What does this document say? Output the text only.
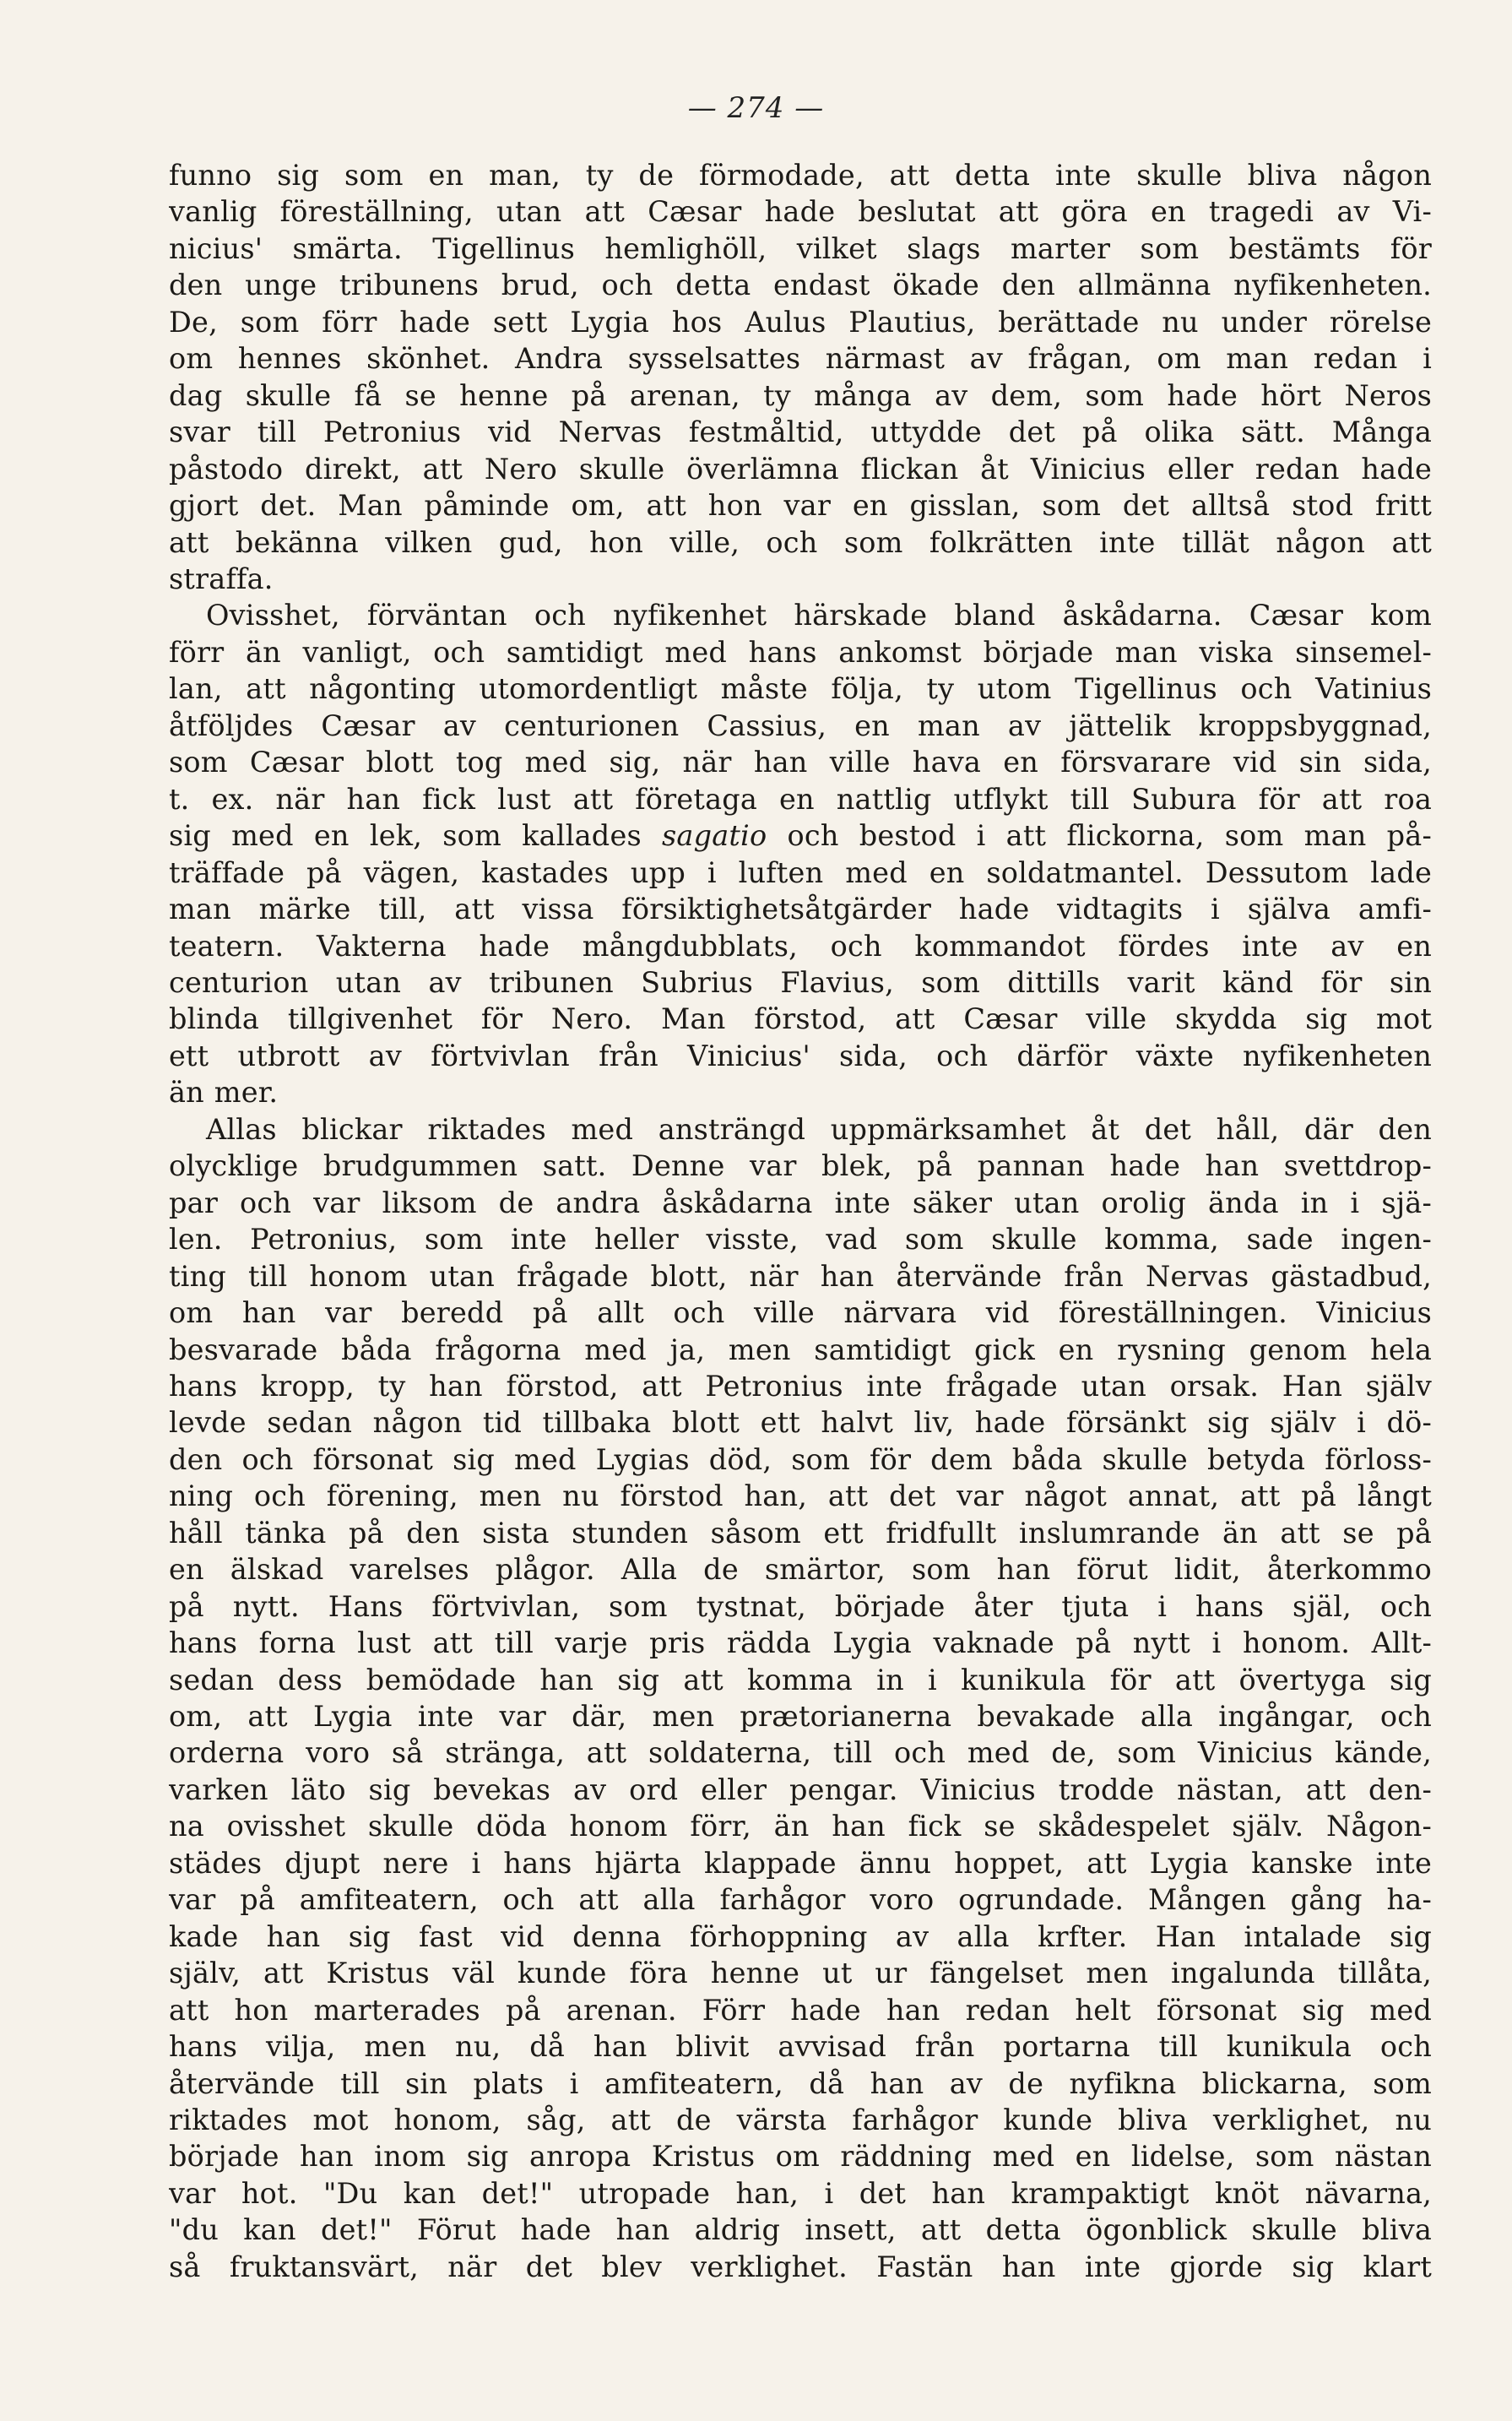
— 274 —

funno sig som en man, ty de förmodade, att detta inte skulle bliva någon

vanlig föreställning, utan att Cæsar hade beslutat att göra en tragedi av Vi-

nicius' smärta. Tigellinus hemlighöll, vilket slags marter som bestämts för

den unge tribunens brud, och detta endast ökade den allmänna nyfikenheten.

De, som förr hade sett Lygia hos Aulus Plautius, berättade nu under rörelse

om hennes skönhet. Andra sysselsattes närmast av frågan, om man redan i

dag skulle få se henne på arenan, ty många av dem, som hade hört Neros

svar till Petronius vid Nervas festmåltid, uttydde det på olika sätt. Många

påstodo direkt, att Nero skulle överlämna flickan åt Vinicius eller redan hade

gjort det. Man påminde om, att hon var en gisslan, som det alltså stod fritt

att bekänna vilken gud, hon ville, och som folkrätten inte tillät någon att

straffa.

Ovisshet, förväntan och nyfikenhet härskade bland åskådarna. Cæsar kom

förr än vanligt, och samtidigt med hans ankomst började man viska sinsemel-

lan, att någonting utomordentligt måste följa, ty utom Tigellinus och Vatinius

åtföljdes Cæsar av centurionen Cassius, en man av jättelik kroppsbyggnad,

som Cæsar blott tog med sig, när han ville hava en försvarare vid sin sida,

t. ex. när han fick lust att företaga en nattlig utflykt till Subura för att roa

sig med en lek, som kallades sagatio och bestod i att flickorna, som man på-

träffade på vägen, kastades upp i luften med en soldatmantel. Dessutom lade

man märke till, att vissa försiktighetsåtgärder hade vidtagits i själva amfi-

teatern. Vakterna hade mångdubblats, och kommandot fördes inte av en

centurion utan av tribunen Subrius Flavius, som dittills varit känd för sin

blinda tillgivenhet för Nero. Man förstod, att Cæsar ville skydda sig mot

ett utbrott av förtvivlan från Vinicius' sida, och därför växte nyfikenheten

än mer.

Allas blickar riktades med ansträngd uppmärksamhet åt det håll, där den

olycklige brudgummen satt. Denne var blek, på pannan hade han svettdrop-

par och var liksom de andra åskådarna inte säker utan orolig ända in i sjä-

len. Petronius, som inte heller visste, vad som skulle komma, sade ingen-

ting till honom utan frågade blott, när han återvände från Nervas gästadbud,

om han var beredd på allt och ville närvara vid föreställningen. Vinicius

besvarade båda frågorna med ja, men samtidigt gick en rysning genom hela

hans kropp, ty han förstod, att Petronius inte frågade utan orsak. Han själv

levde sedan någon tid tillbaka blott ett halvt liv, hade försänkt sig själv i dö-

den och försonat sig med Lygias död, som för dem båda skulle betyda förloss-

ning och förening, men nu förstod han, att det var något annat, att på långt

håll tänka på den sista stunden såsom ett fridfullt inslumrande än att se på

en älskad varelses plågor. Alla de smärtor, som han förut lidit, återkommo

på nytt. Hans förtvivlan, som tystnat, började åter tjuta i hans själ, och

hans forna lust att till varje pris rädda Lygia vaknade på nytt i honom. Allt-

sedan dess bemödade han sig att komma in i kunikula för att övertyga sig

om, att Lygia inte var där, men prætorianerna bevakade alla ingångar, och

orderna voro så stränga, att soldaterna, till och med de, som Vinicius kände,

varken läto sig bevekas av ord eller pengar. Vinicius trodde nästan, att den-

na ovisshet skulle döda honom förr, än han fick se skådespelet själv. Någon-

städes djupt nere i hans hjärta klappade ännu hoppet, att Lygia kanske inte

var på amfiteatern, och att alla farhågor voro ogrundade. Mången gång ha-

kade han sig fast vid denna förhoppning av alla krfter. Han intalade sig

själv, att Kristus väl kunde föra henne ut ur fängelset men ingalunda tillåta,

att hon marterades på arenan. Förr hade han redan helt försonat sig med

hans vilja, men nu, då han blivit avvisad från portarna till kunikula och

återvände till sin plats i amfiteatern, då han av de nyfikna blickarna, som

riktades mot honom, såg, att de värsta farhågor kunde bliva verklighet, nu

började han inom sig anropa Kristus om räddning med en lidelse, som nästan

var hot. "Du kan det!" utropade han, i det han krampaktigt knöt nävarna,

"du kan det!" Förut hade han aldrig insett, att detta ögonblick skulle bliva

så fruktansvärt, när det blev verklighet. Fastän han inte gjorde sig klart
